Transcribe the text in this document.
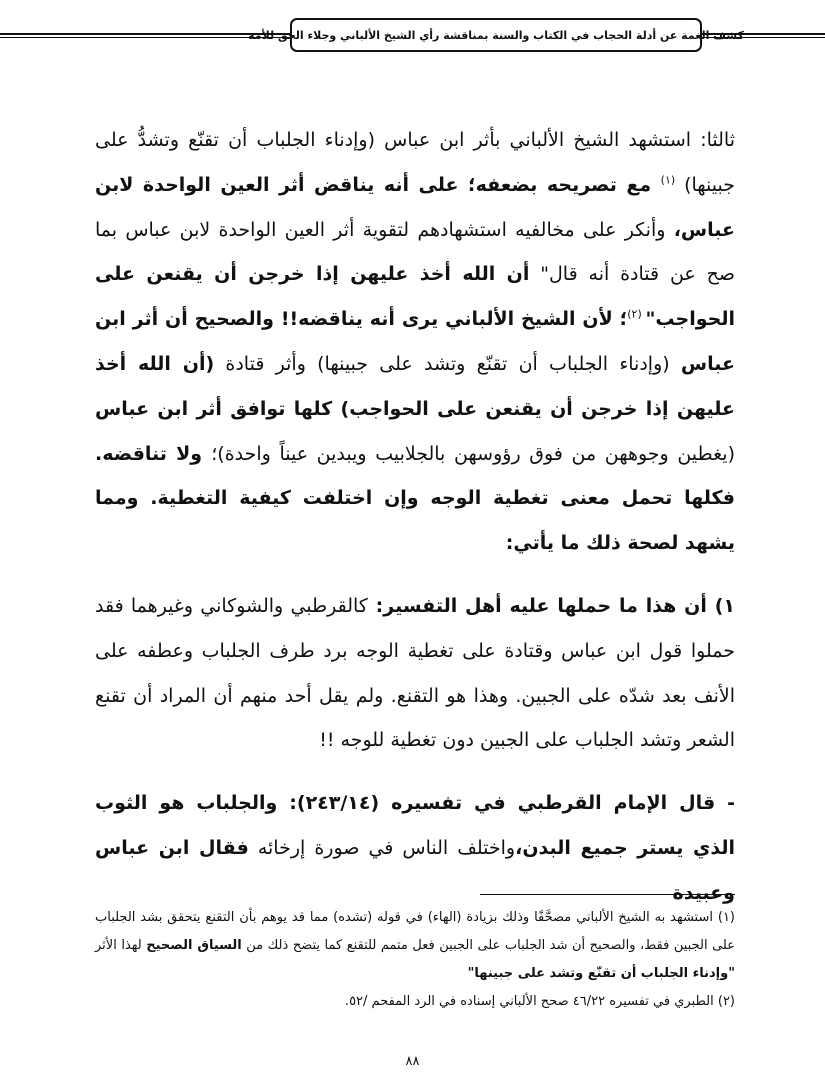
كشف الغمة عن أدلة الحجاب في الكتاب والسنة بمناقشة رأي الشيخ الألباني وجلاء الحق للأمة

ثالثا: استشهد الشيخ الألباني بأثر ابن عباس (وإدناء الجلباب أن تقنّع وتشدُّ على جبينها) $^{(١)}$ مع تصريحه بضعفه؛ على أنه يناقض أثر العين الواحدة لابن عباس، وأنكر على مخالفيه استشهادهم لتقوية أثر العين الواحدة لابن عباس بما صح عن قتادة أنه قال" أن الله أخذ عليهن إذا خرجن أن يقنعن على الحواجب" $^{(٢)}$؛ لأن الشيخ الألباني يرى أنه يناقضه!! والصحيح أن أثر ابن عباس (وإدناء الجلباب أن تقنّع وتشد على جبينها) وأثر قتادة (أن الله أخذ عليهن إذا خرجن أن يقنعن على الحواجب) كلها توافق أثر ابن عباس (يغطين وجوههن من فوق رؤوسهن بالجلابيب ويبدين عيناً واحدة)؛ ولا تناقضه. فكلها تحمل معنى تغطية الوجه وإن اختلفت كيفية التغطية. ومما يشهد لصحة ذلك ما يأتي:

١) أن هذا ما حملها عليه أهل التفسير: كالقرطبي والشوكاني وغيرهما فقد حملوا قول ابن عباس وقتادة على تغطية الوجه برد طرف الجلباب وعطفه على الأنف بعد شدّه على الجبين. وهذا هو التقنع. ولم يقل أحد منهم أن المراد أن تقنع الشعر وتشد الجلباب على الجبين دون تغطية للوجه !!

- قال الإمام القرطبي في تفسيره (٢٤٣/١٤): والجلباب هو الثوب الذي يستر جميع البدن،واختلف الناس في صورة إرخائه فقال ابن عباس وعبيدة

(١) استشهد به الشيخ الألباني مصحَّفًا وذلك بزيادة (الهاء) في قوله (تشده) مما قد يوهم بأن التقنع يتحقق بشد الجلباب على الجبين فقط، والصحيح أن شد الجلباب على الجبين فعل متمم للتقنع كما يتضح ذلك من السياق الصحيح لهذا الأثر "وإدناء الجلباب أن تقنّع وتشد على جبينها"

(٢) الطبري في تفسيره ٤٦/٢٢ صحح الألباني إسناده في الرد المفحم /٥٢.

٨٨
